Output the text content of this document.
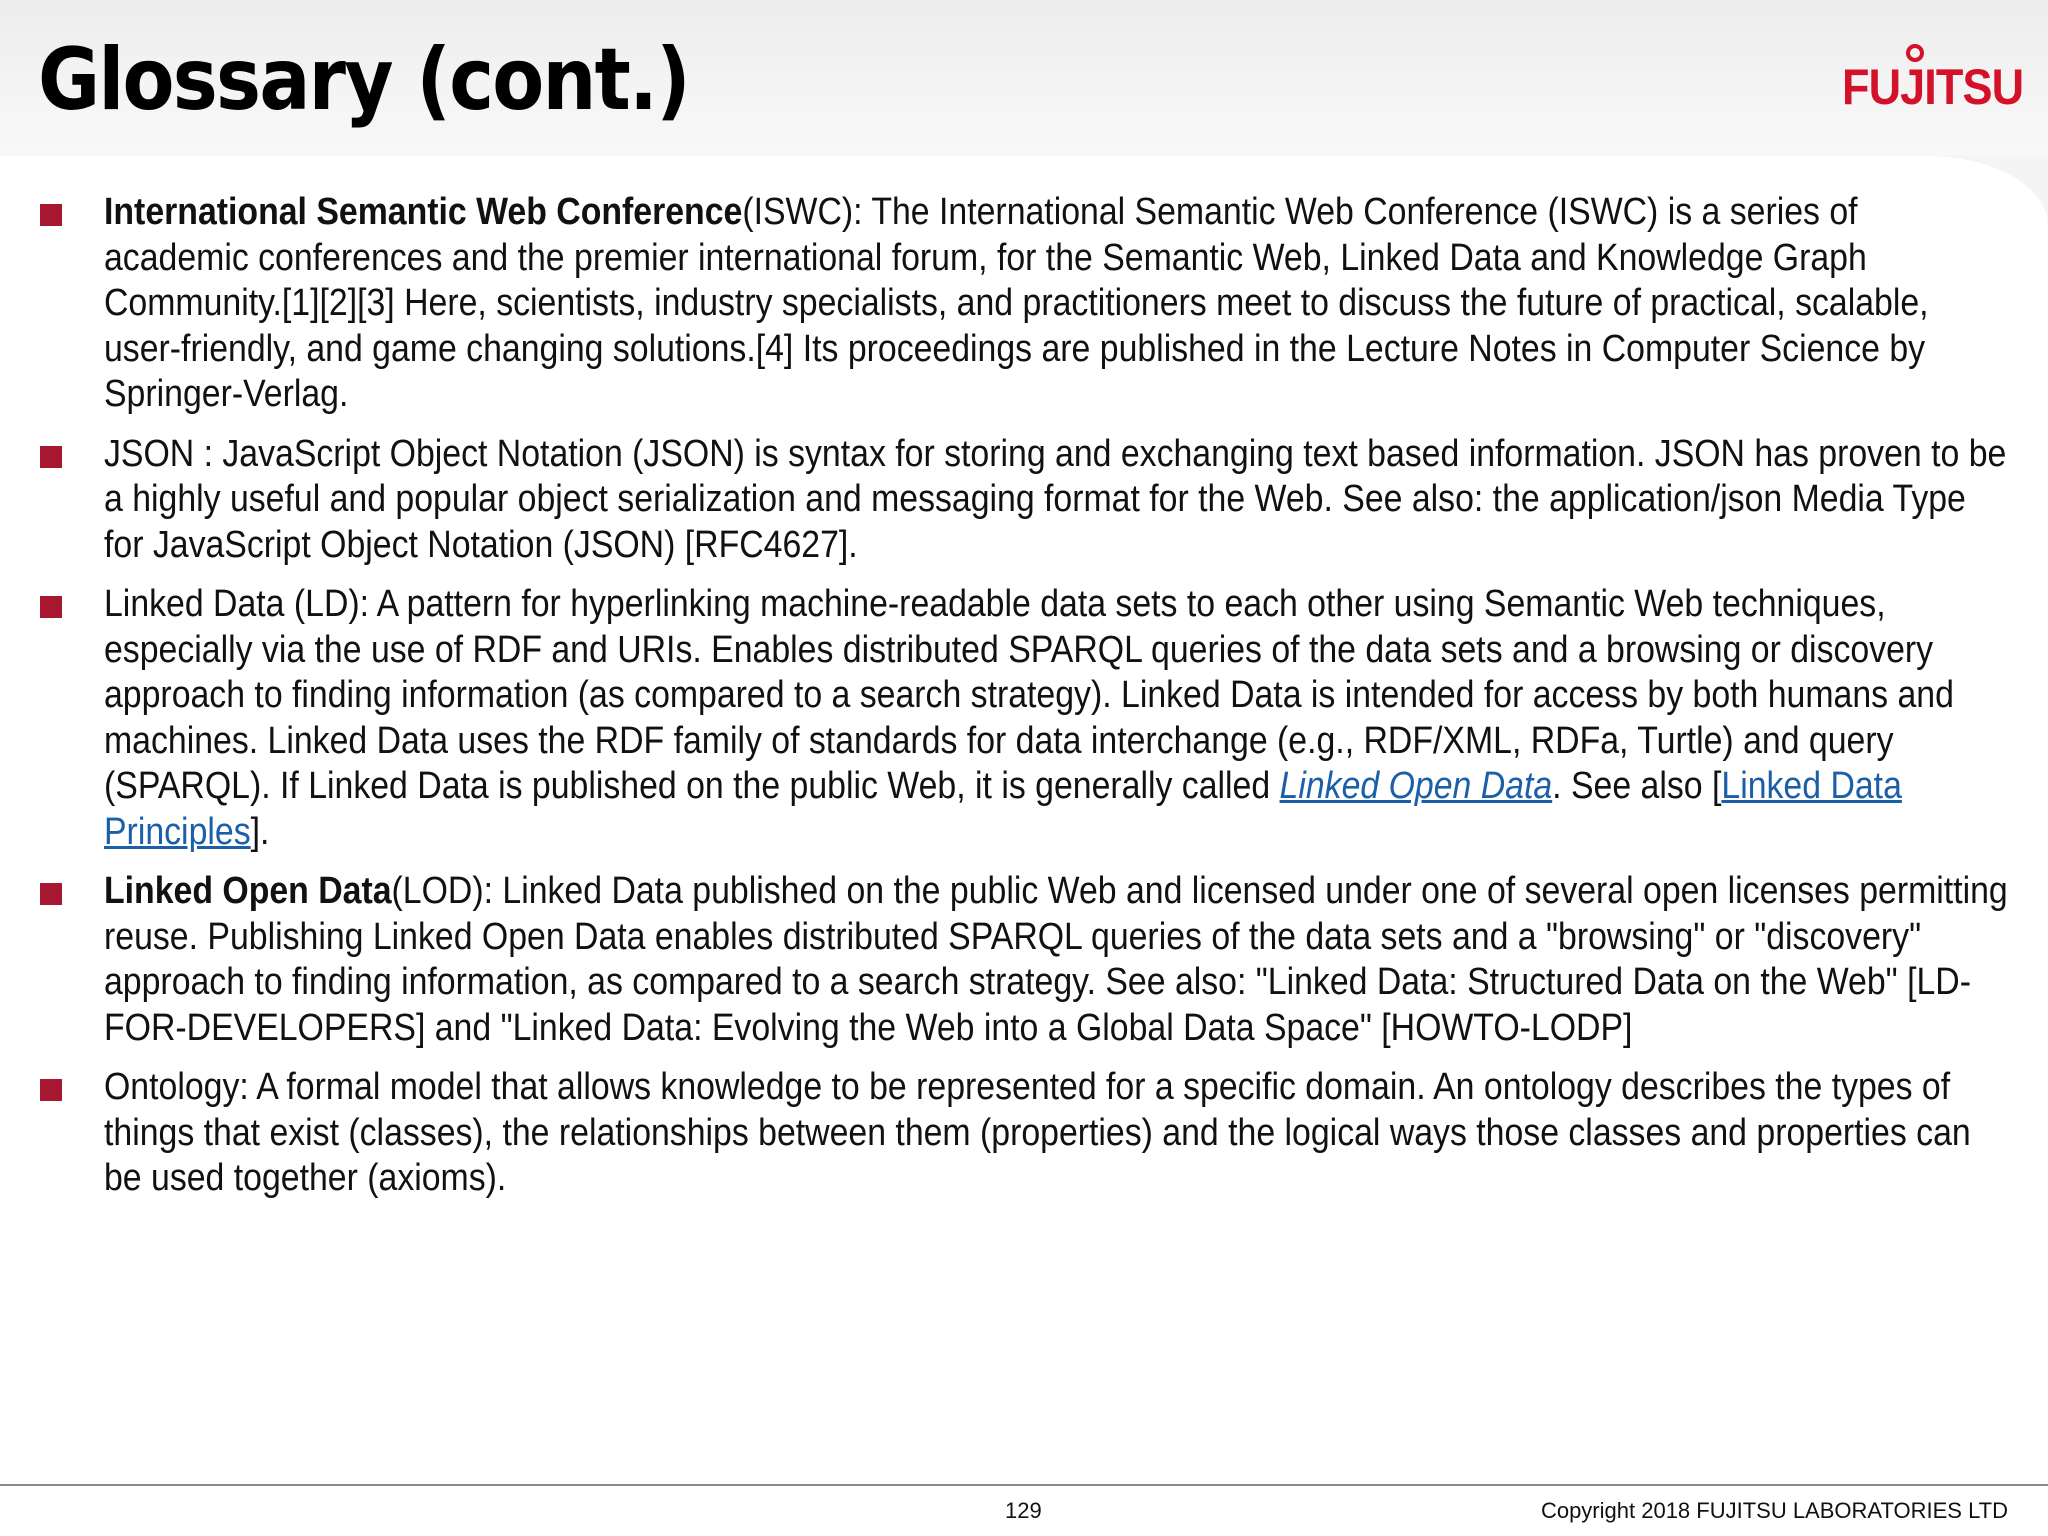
Glossary (cont.)	FUJITSU
International Semantic Web Conference(ISWC): The International Semantic Web Conference (ISWC) is a series of academic conferences and the premier international forum, for the Semantic Web, Linked Data and Knowledge Graph Community.[1][2][3] Here, scientists, industry specialists, and practitioners meet to discuss the future of practical, scalable, user-friendly, and game changing solutions.[4] Its proceedings are published in the Lecture Notes in Computer Science by Springer-Verlag.
JSON : JavaScript Object Notation (JSON) is syntax for storing and exchanging text based information. JSON has proven to be a highly useful and popular object serialization and messaging format for the Web. See also: the application/json Media Type for JavaScript Object Notation (JSON) [RFC4627].
Linked Data (LD): A pattern for hyperlinking machine-readable data sets to each other using Semantic Web techniques, especially via the use of RDF and URIs. Enables distributed SPARQL queries of the data sets and a browsing or discovery approach to finding information (as compared to a search strategy). Linked Data is intended for access by both humans and machines. Linked Data uses the RDF family of standards for data interchange (e.g., RDF/XML, RDFa, Turtle) and query (SPARQL). If Linked Data is published on the public Web, it is generally called Linked Open Data. See also [Linked Data Principles].
Linked Open Data(LOD): Linked Data published on the public Web and licensed under one of several open licenses permitting reuse. Publishing Linked Open Data enables distributed SPARQL queries of the data sets and a "browsing" or "discovery" approach to finding information, as compared to a search strategy. See also: "Linked Data: Structured Data on the Web" [LD-FOR-DEVELOPERS] and "Linked Data: Evolving the Web into a Global Data Space" [HOWTO-LODP]
Ontology: A formal model that allows knowledge to be represented for a specific domain. An ontology describes the types of things that exist (classes), the relationships between them (properties) and the logical ways those classes and properties can be used together (axioms).
129	Copyright 2018 FUJITSU LABORATORIES LTD
